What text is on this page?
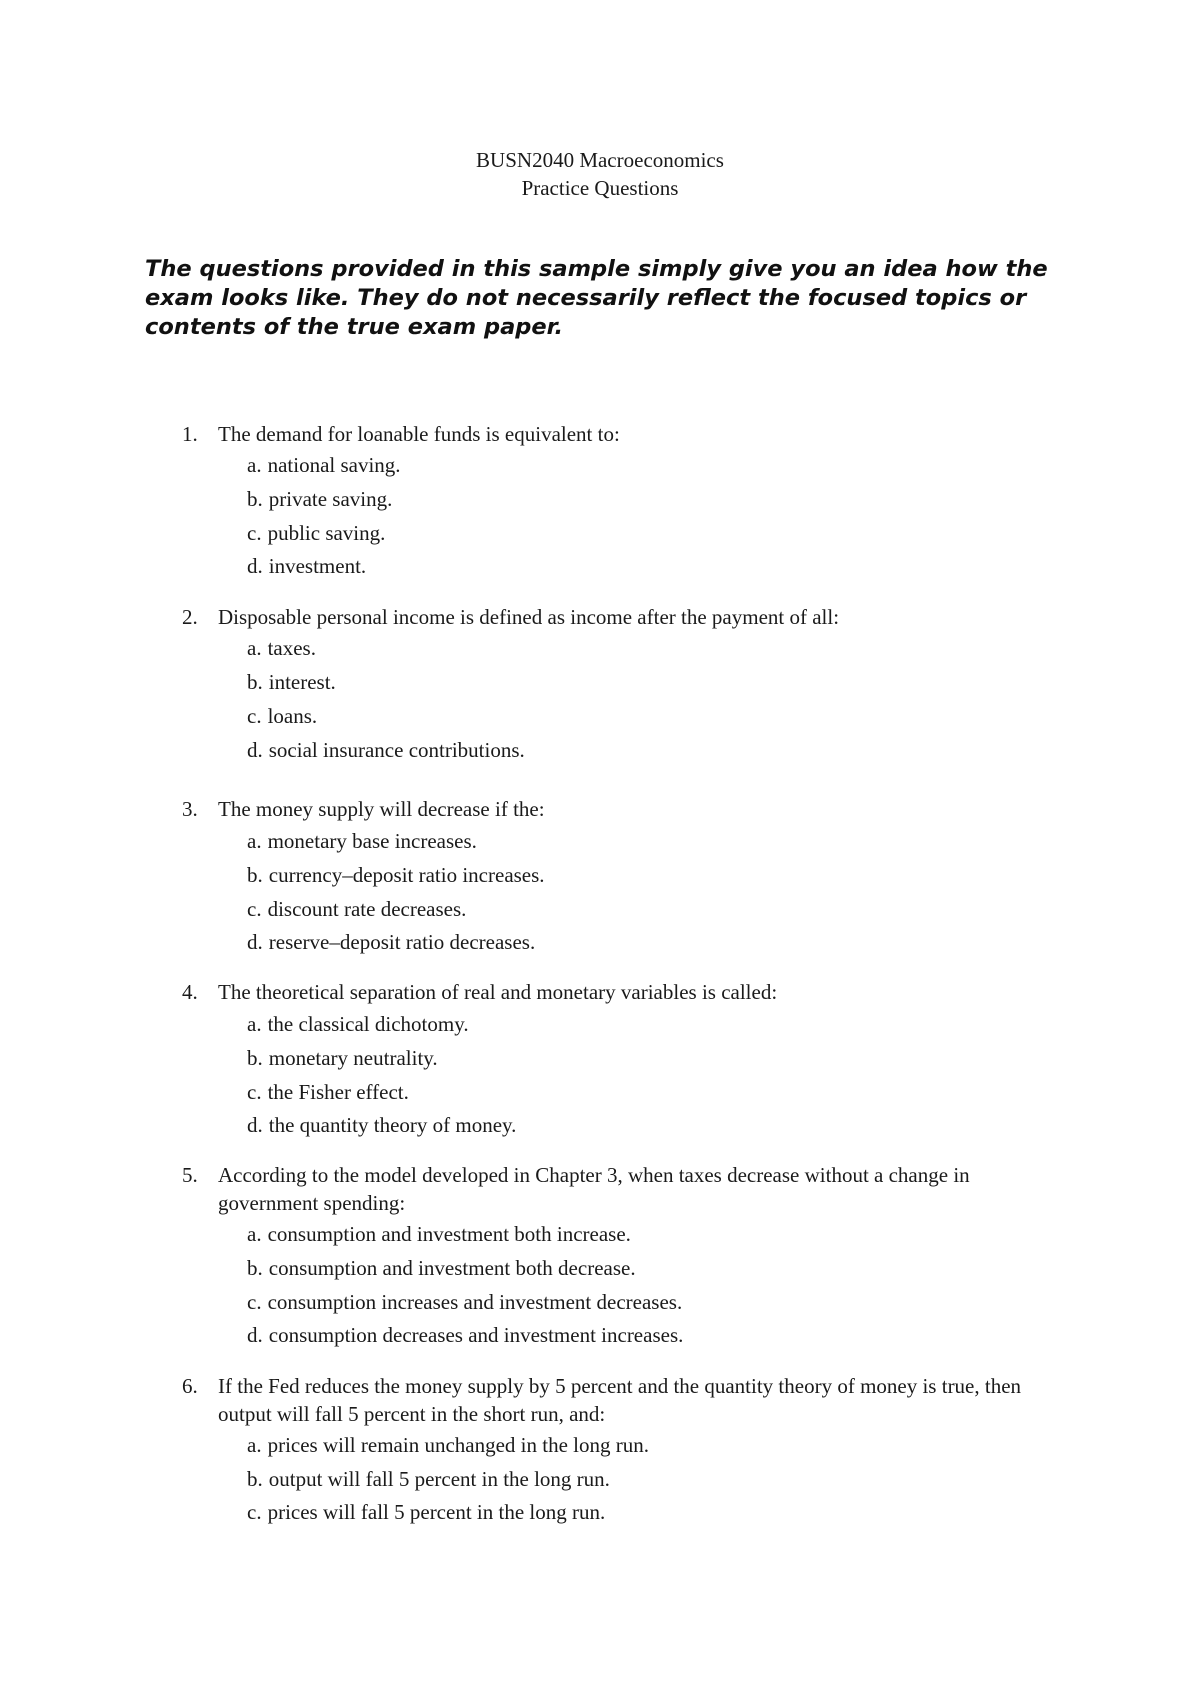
BUSN2040 Macroeconomics
Practice Questions
The questions provided in this sample simply give you an idea how the exam looks like. They do not necessarily reflect the focused topics or contents of the true exam paper.
1. The demand for loanable funds is equivalent to:
a. national saving.
b. private saving.
c. public saving.
d. investment.
2. Disposable personal income is defined as income after the payment of all:
a. taxes.
b. interest.
c. loans.
d. social insurance contributions.
3. The money supply will decrease if the:
a. monetary base increases.
b. currency–deposit ratio increases.
c. discount rate decreases.
d. reserve–deposit ratio decreases.
4. The theoretical separation of real and monetary variables is called:
a. the classical dichotomy.
b. monetary neutrality.
c. the Fisher effect.
d. the quantity theory of money.
5. According to the model developed in Chapter 3, when taxes decrease without a change in government spending:
a. consumption and investment both increase.
b. consumption and investment both decrease.
c. consumption increases and investment decreases.
d. consumption decreases and investment increases.
6. If the Fed reduces the money supply by 5 percent and the quantity theory of money is true, then output will fall 5 percent in the short run, and:
a. prices will remain unchanged in the long run.
b. output will fall 5 percent in the long run.
c. prices will fall 5 percent in the long run.
